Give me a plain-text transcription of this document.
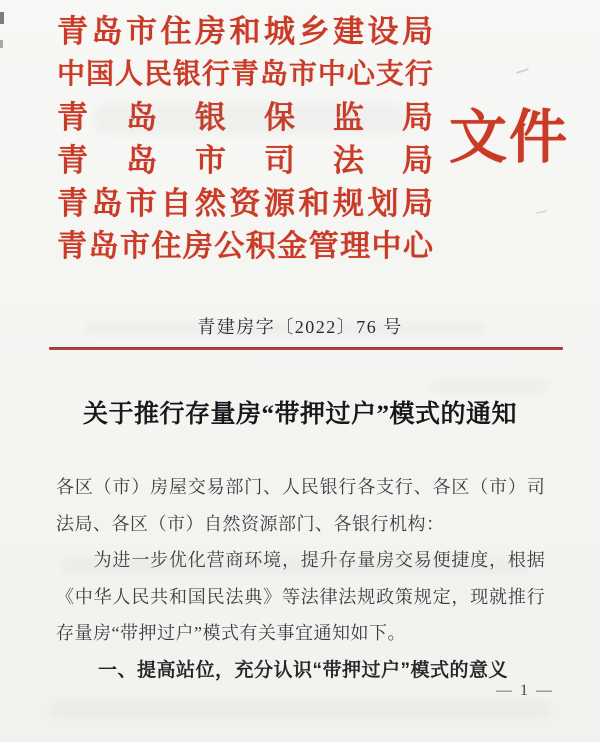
青 岛 市 住 房 和 城 乡 建 设 局
中 国 人 民 银 行 青 岛 市 中 心 支 行
青 岛 银 保 监 局
青 岛 市 司 法 局
青 岛 市 自 然 资 源 和 规 划 局
青 岛 市 住 房 公 积 金 管 理 中 心
文 件
青建房字〔2022〕76 号
关于推行存量房“带押过户”模式的通知
各 区 （ 市 ） 房 屋 交 易 部 门 、 人 民 银 行 各 支 行 、 各 区 （ 市 ） 司
法局、各区（市）自然资源部门、各银行机构：

为 进 一 步 优 化 营 商 环 境 ， 提 升 存 量 房 交 易 便 捷 度 ， 根 据
《 中 华 人 民 共 和 国 民 法 典 》 等 法 律 法 规 政 策 规 定 ， 现 就 推 行
存量房“带押过户”模式有关事宜通知如下。
一、提高站位，充分认识“带押过户”模式的意义
— 1 —
